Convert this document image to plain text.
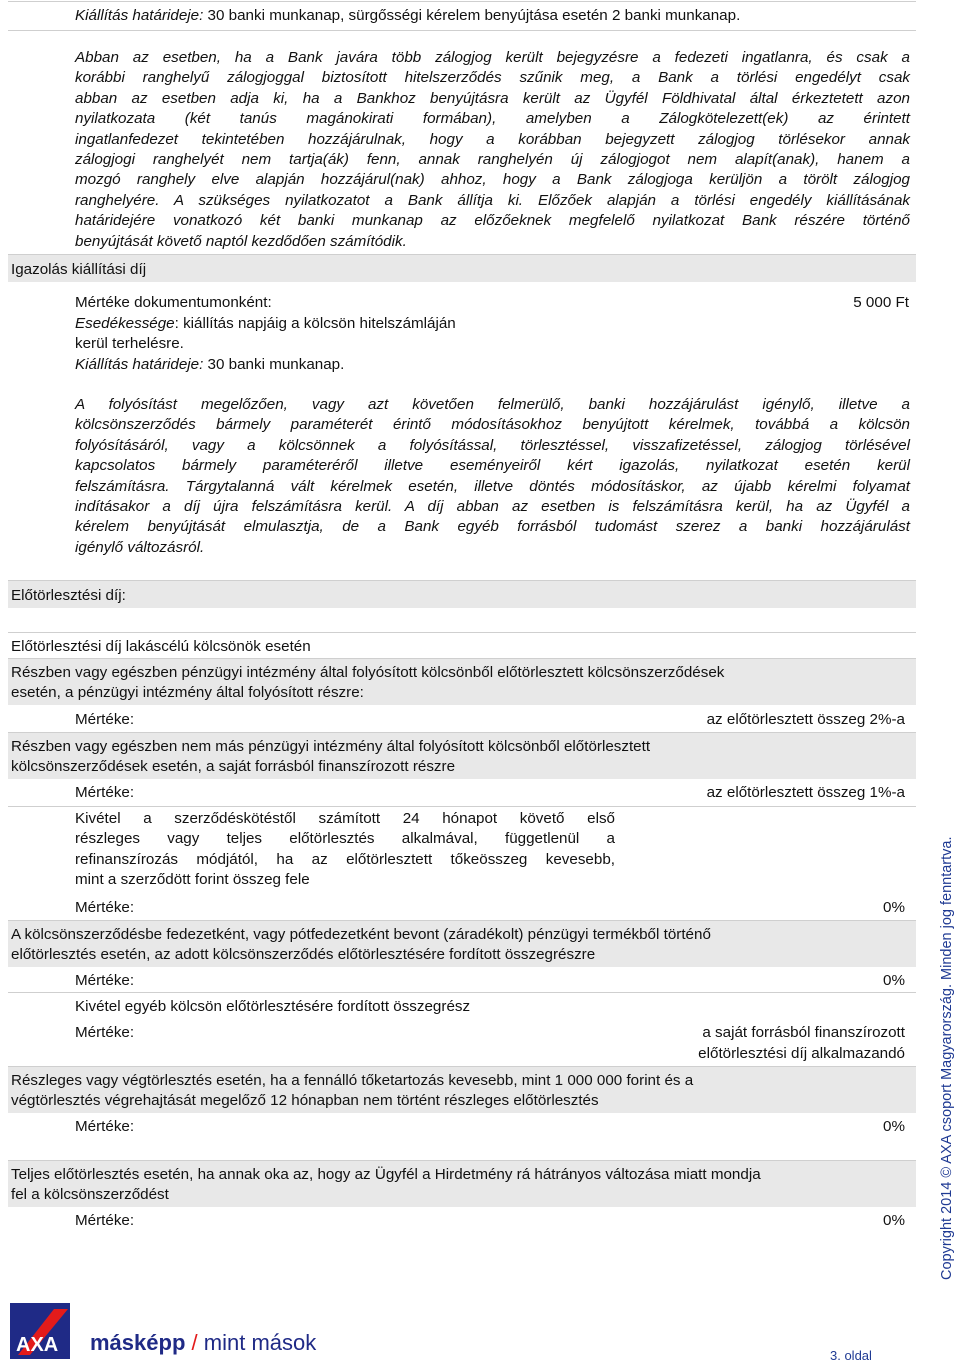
Kiállítás határideje: 30 banki munkanap, sürgősségi kérelem benyújtása esetén 2 banki munkanap.
Abban az esetben, ha a Bank javára több zálogjog került bejegyzésre a fedezeti ingatlanra, és csak a
korábbi ranghelyű zálogjoggal biztosított hitelszerződés szűnik meg, a Bank a törlési engedélyt csak
abban az esetben adja ki, ha a Bankhoz benyújtásra került az Ügyfél Földhivatal által érkeztetett azon
nyilatkozata (két tanús magánokirati formában), amelyben a Zálogkötelezett(ek) az érintett
ingatlanfedezet tekintetében hozzájárulnak, hogy a korábban bejegyzett zálogjog törlésekor annak
zálogjogi ranghelyét nem tartja(ák) fenn, annak ranghelyén új zálogjogot nem alapít(anak), hanem a
mozgó ranghely elve alapján hozzájárul(nak) ahhoz, hogy a Bank zálogjoga kerüljön a törölt zálogjog
ranghelyére. A szükséges nyilatkozatot a Bank állítja ki. Előzőek alapján a törlési engedély kiállításának
határidejére vonatkozó két banki munkanap az előzőeknek megfelelő nyilatkozat Bank részére történő
benyújtását követő naptól kezdődően számítódik.
Igazolás kiállítási díj
Mértéke dokumentumonként:	5 000 Ft
Esedékessége: kiállítás napjáig a kölcsön hitelszámláján
kerül terhelésre.
Kiállítás határideje: 30 banki munkanap.
A folyósítást megelőzően, vagy azt követően felmerülő, banki hozzájárulást igénylő, illetve a
kölcsönszerződés bármely paraméterét érintő módosításokhoz benyújtott kérelmek, továbbá a kölcsön
folyósításáról, vagy a kölcsönnek a folyósítással, törlesztéssel, visszafizetéssel, zálogjog törlésével
kapcsolatos bármely paraméteréről illetve eseményeiről kért igazolás, nyilatkozat esetén kerül
felszámításra. Tárgytalanná vált kérelmek esetén, illetve döntés módosításkor, az újabb kérelmi folyamat
indításakor a díj újra felszámításra kerül. A díj abban az esetben is felszámításra kerül, ha az Ügyfél a
kérelem benyújtását elmulasztja, de a Bank egyéb forrásból tudomást szerez a banki hozzájárulást
igénylő változásról.
Előtörlesztési díj:
Előtörlesztési díj lakáscélú kölcsönök esetén
Részben vagy egészben pénzügyi intézmény által folyósított kölcsönből előtörlesztett kölcsönszerződések
esetén, a pénzügyi intézmény által folyósított részre:
Mértéke:	az előtörlesztett összeg 2%-a
Részben vagy egészben nem más pénzügyi intézmény által folyósított kölcsönből előtörlesztett
kölcsönszerződések esetén, a saját forrásból finanszírozott részre
Mértéke:	az előtörlesztett összeg 1%-a
Kivétel a szerződéskötéstől számított 24 hónapot követő első
részleges vagy teljes előtörlesztés alkalmával, függetlenül a
refinanszírozás módjától, ha az előtörlesztett tőkeösszeg kevesebb,
mint a szerződött forint összeg fele
Mértéke:	0%
A kölcsönszerződésbe fedezetként, vagy pótfedezetként bevont (záradékolt) pénzügyi termékből történő
előtörlesztés esetén, az adott kölcsönszerződés előtörlesztésére fordított összegrészre
Mértéke:	0%
Kivétel egyéb kölcsön előtörlesztésére fordított összegrész
Mértéke:	a saját forrásból finanszírozott
előtörlesztési díj alkalmazandó
Részleges vagy végtörlesztés esetén, ha a fennálló tőketartozás kevesebb, mint 1 000 000 forint és a
végtörlesztés végrehajtását megelőző 12 hónapban nem történt részleges előtörlesztés
Mértéke:	0%
Teljes előtörlesztés esetén, ha annak oka az, hogy az Ügyfél a Hirdetmény rá hátrányos változása miatt mondja
fel a kölcsönszerződést
Mértéke:	0% Copyright 2014 © AXA csoport Magyarország. Minden jog fenntartva.
AXA másképp / mint mások
3. oldal
